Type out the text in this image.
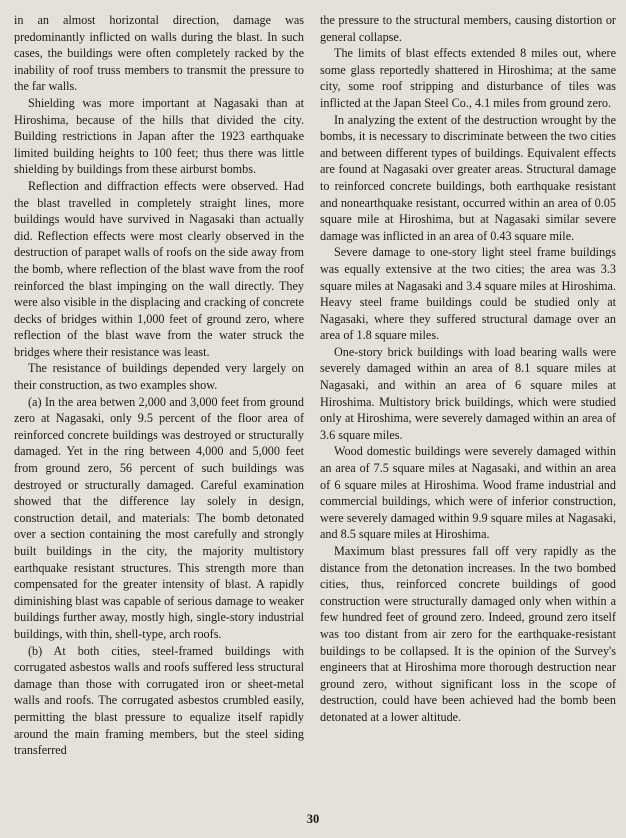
in an almost horizontal direction, damage was predominantly inflicted on walls during the blast. In such cases, the buildings were often completely racked by the inability of roof truss members to transmit the pressure to the far walls.

Shielding was more important at Nagasaki than at Hiroshima, because of the hills that divided the city. Building restrictions in Japan after the 1923 earthquake limited building heights to 100 feet; thus there was little shielding by buildings from these airburst bombs.

Reflection and diffraction effects were observed. Had the blast travelled in completely straight lines, more buildings would have survived in Nagasaki than actually did. Reflection effects were most clearly observed in the destruction of parapet walls of roofs on the side away from the bomb, where reflection of the blast wave from the roof reinforced the blast impinging on the wall directly. They were also visible in the displacing and cracking of concrete decks of bridges within 1,000 feet of ground zero, where reflection of the blast wave from the water struck the bridges where their resistance was least.

The resistance of buildings depended very largely on their construction, as two examples show.

(a) In the area betwen 2,000 and 3,000 feet from ground zero at Nagasaki, only 9.5 percent of the floor area of reinforced concrete buildings was destroyed or structurally damaged. Yet in the ring between 4,000 and 5,000 feet from ground zero, 56 percent of such buildings was destroyed or structurally damaged. Careful examination showed that the difference lay solely in design, construction detail, and materials: The bomb detonated over a section containing the most carefully and strongly built buildings in the city, the majority multistory earthquake resistant structures. This strength more than compensated for the greater intensity of blast. A rapidly diminishing blast was capable of serious damage to weaker buildings further away, mostly high, single-story industrial buildings, with thin, shell-type, arch roofs.

(b) At both cities, steel-framed buildings with corrugated asbestos walls and roofs suffered less structural damage than those with corrugated iron or sheet-metal walls and roofs. The corrugated asbestos crumbled easily, permitting the blast pressure to equalize itself rapidly around the main framing members, but the steel siding transferred

the pressure to the structural members, causing distortion or general collapse.

The limits of blast effects extended 8 miles out, where some glass reportedly shattered in Hiroshima; at the same city, some roof stripping and disturbance of tiles was inflicted at the Japan Steel Co., 4.1 miles from ground zero.

In analyzing the extent of the destruction wrought by the bombs, it is necessary to discriminate between the two cities and between different types of buildings. Equivalent effects are found at Nagasaki over greater areas. Structural damage to reinforced concrete buildings, both earthquake resistant and nonearthquake resistant, occurred within an area of 0.05 square mile at Hiroshima, but at Nagasaki similar severe damage was inflicted in an area of 0.43 square mile.

Severe damage to one-story light steel frame buildings was equally extensive at the two cities; the area was 3.3 square miles at Nagasaki and 3.4 square miles at Hiroshima. Heavy steel frame buildings could be studied only at Nagasaki, where they suffered structural damage over an area of 1.8 square miles.

One-story brick buildings with load bearing walls were severely damaged within an area of 8.1 square miles at Nagasaki, and within an area of 6 square miles at Hiroshima. Multistory brick buildings, which were studied only at Hiroshima, were severely damaged within an area of 3.6 square miles.

Wood domestic buildings were severely damaged within an area of 7.5 square miles at Nagasaki, and within an area of 6 square miles at Hiroshima. Wood frame industrial and commercial buildings, which were of inferior construction, were severely damaged within 9.9 square miles at Nagasaki, and 8.5 square miles at Hiroshima.

Maximum blast pressures fall off very rapidly as the distance from the detonation increases. In the two bombed cities, thus, reinforced concrete buildings of good construction were structurally damaged only when within a few hundred feet of ground zero. Indeed, ground zero itself was too distant from air zero for the earthquake-resistant buildings to be collapsed. It is the opinion of the Survey's engineers that at Hiroshima more thorough destruction near ground zero, without significant loss in the scope of destruction, could have been achieved had the bomb been detonated at a lower altitude.

30
